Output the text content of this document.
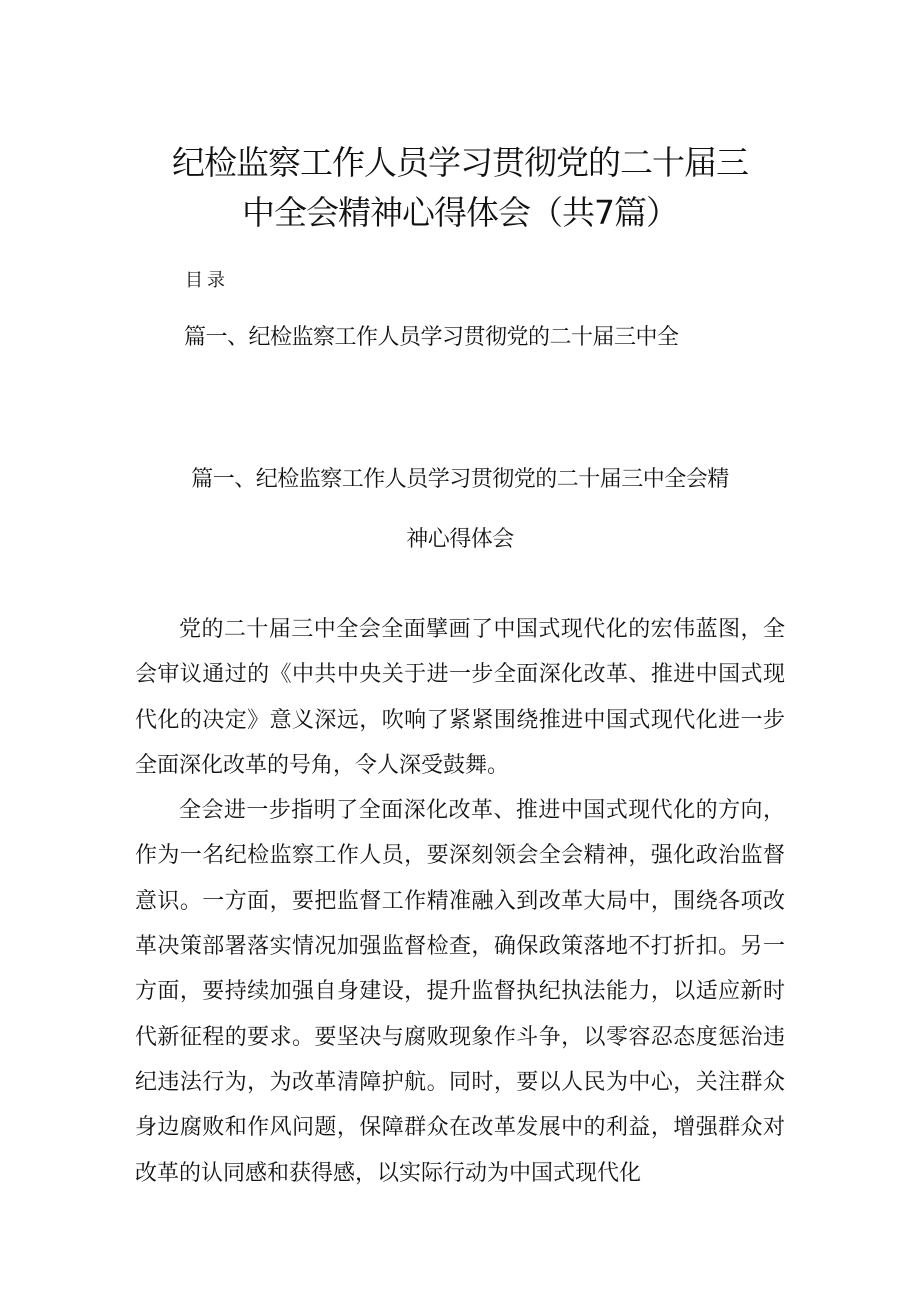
纪检监察工作人员学习贯彻党的二十届三
中全会精神心得体会（共7篇）
目录
篇一、纪检监察工作人员学习贯彻党的二十届三中全
篇一、纪检监察工作人员学习贯彻党的二十届三中全会精
神心得体会

党的二十届三中全会全面擘画了中国式现代化的宏伟蓝图，全会审议通过的《中共中央关于进一步全面深化改革、推进中国式现代化的决定》意义深远，吹响了紧紧围绕推进中国式现代化进一步全面深化改革的号角，令人深受鼓舞。

全会进一步指明了全面深化改革、推进中国式现代化的方向，作为一名纪检监察工作人员，要深刻领会全会精神，强化政治监督意识。一方面，要把监督工作精准融入到改革大局中，围绕各项改革决策部署落实情况加强监督检查，确保政策落地不打折扣。另一方面，要持续加强自身建设，提升监督执纪执法能力，以适应新时代新征程的要求。要坚决与腐败现象作斗争，以零容忍态度惩治违纪违法行为，为改革清障护航。同时，要以人民为中心，关注群众身边腐败和作风问题，保障群众在改革发展中的利益，增强群众对改革的认同感和获得感，以实际行动为中国式现代化
